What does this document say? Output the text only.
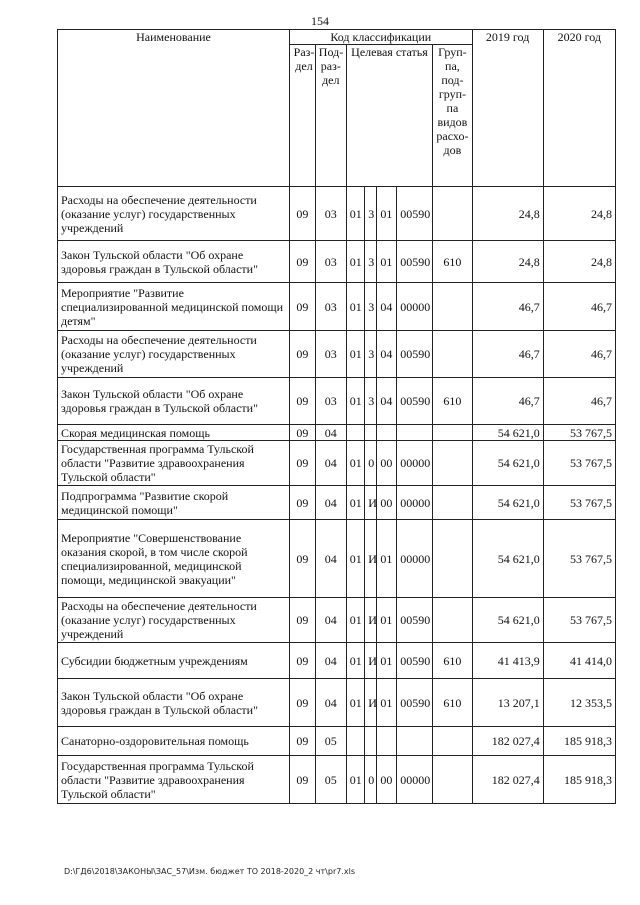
154
Наименование	Код классификации							2019 год	2020 год
	Раз-дел	Под-раз-дел	Целевая статья				Груп-па, под-груп-па видов расхо-дов		
Расходы на обеспечение деятельности (оказание услуг) государственных учреждений	09	03	01	3	01	00590		24,8	24,8
Закон Тульской области "Об охране здоровья граждан в Тульской области"	09	03	01	3	01	00590	610	24,8	24,8
Мероприятие "Развитие специализированной медицинской помощи детям"	09	03	01	3	04	00000		46,7	46,7
Расходы на обеспечение деятельности (оказание услуг) государственных учреждений	09	03	01	3	04	00590		46,7	46,7
Закон Тульской области "Об охране здоровья граждан в Тульской области"	09	03	01	3	04	00590	610	46,7	46,7
Скорая медицинская помощь	09	04						54 621,0	53 767,5
Государственная программа Тульской области "Развитие здравоохранения Тульской области"	09	04	01	0	00	00000		54 621,0	53 767,5
Подпрограмма "Развитие скорой медицинской помощи"	09	04	01	И	00	00000		54 621,0	53 767,5
Мероприятие "Совершенствование оказания скорой, в том числе скорой специализированной, медицинской помощи, медицинской эвакуации"	09	04	01	И	01	00000		54 621,0	53 767,5
Расходы на обеспечение деятельности (оказание услуг) государственных учреждений	09	04	01	И	01	00590		54 621,0	53 767,5
Субсидии бюджетным учреждениям	09	04	01	И	01	00590	610	41 413,9	41 414,0
Закон Тульской области "Об охране здоровья граждан в Тульской области"	09	04	01	И	01	00590	610	13 207,1	12 353,5
Санаторно-оздоровительная помощь	09	05						182 027,4	185 918,3
Государственная программа Тульской области "Развитие здравоохранения Тульской области"	09	05	01	0	00	00000		182 027,4	185 918,3
D:\ГД6\2018\ЗАКОНЫ\ЗАС_57\Изм. бюджет ТО 2018-2020_2 чт\pr7.xls
